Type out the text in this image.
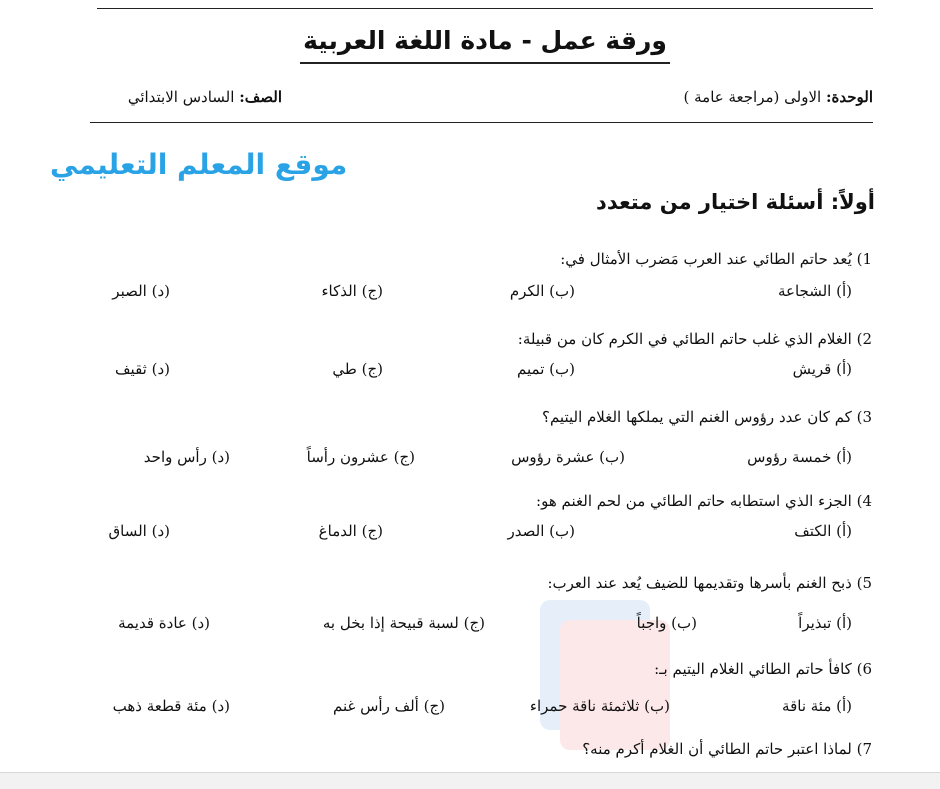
ورقة عمل - مادة اللغة العربية
الوحدة: الاولى (مراجعة عامة )
الصف: السادس الابتدائي
موقع المعلم التعليمي
أولاً: أسئلة اختيار من متعدد
1) يُعد حاتم الطائي عند العرب مَضرب الأمثال في:
(أ) الشجاعة
(ب) الكرم
(ج) الذكاء
(د) الصبر
2) الغلام الذي غلب حاتم الطائي في الكرم كان من قبيلة:
(أ) قريش
(ب) تميم
(ج) طي
(د) ثقيف
3) كم كان عدد رؤوس الغنم التي يملكها الغلام اليتيم؟
(أ) خمسة رؤوس
(ب) عشرة رؤوس
(ج) عشرون رأساً
(د) رأس واحد
4) الجزء الذي استطابه حاتم الطائي من لحم الغنم هو:
(أ) الكتف
(ب) الصدر
(ج) الدماغ
(د) الساق
5) ذبح الغنم بأسرها وتقديمها للضيف يُعد عند العرب:
(أ) تبذيراً
(ب) واجباً
(ج) لسبة قبيحة إذا بخل به
(د) عادة قديمة
6) كافأ حاتم الطائي الغلام اليتيم بـ:
(أ) مئة ناقة
(ب) ثلاثمئة ناقة حمراء
(ج) ألف رأس غنم
(د) مئة قطعة ذهب
7) لماذا اعتبر حاتم الطائي أن الغلام أكرم منه؟
